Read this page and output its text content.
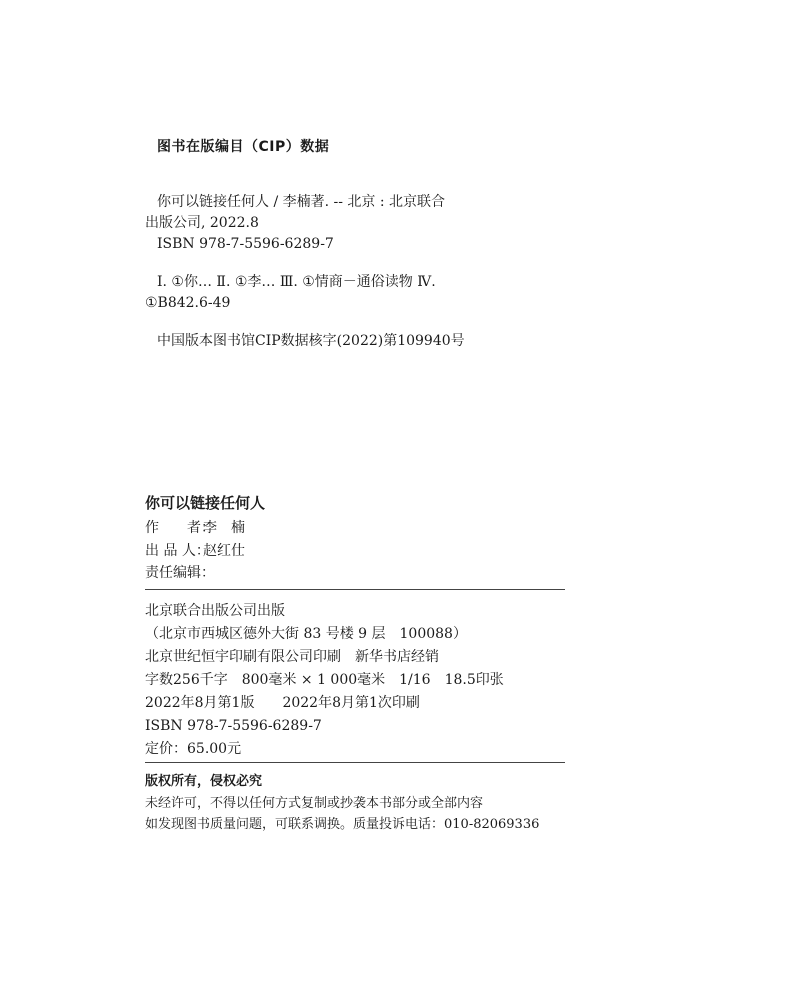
图书在版编目（CIP）数据
你可以链接任何人 / 李楠著. -- 北京 : 北京联合
出版公司, 2022.8
ISBN 978-7-5596-6289-7
Ⅰ. ①你… Ⅱ. ①李… Ⅲ. ①情商－通俗读物 Ⅳ.
①B842.6-49
中国版本图书馆CIP数据核字(2022)第109940号
你可以链接任何人
作　　者：李　楠
出 品 人：赵红仕
责任编辑：
北京联合出版公司出版
（北京市西城区德外大街 83 号楼 9 层　100088）
北京世纪恒宇印刷有限公司印刷　新华书店经销
字数256千字　800毫米 × 1 000毫米　1/16　18.5印张
2022年8月第1版　　2022年8月第1次印刷
ISBN 978-7-5596-6289-7
定价：65.00元
版权所有，侵权必究
未经许可，不得以任何方式复制或抄袭本书部分或全部内容
如发现图书质量问题，可联系调换。质量投诉电话：010-82069336
